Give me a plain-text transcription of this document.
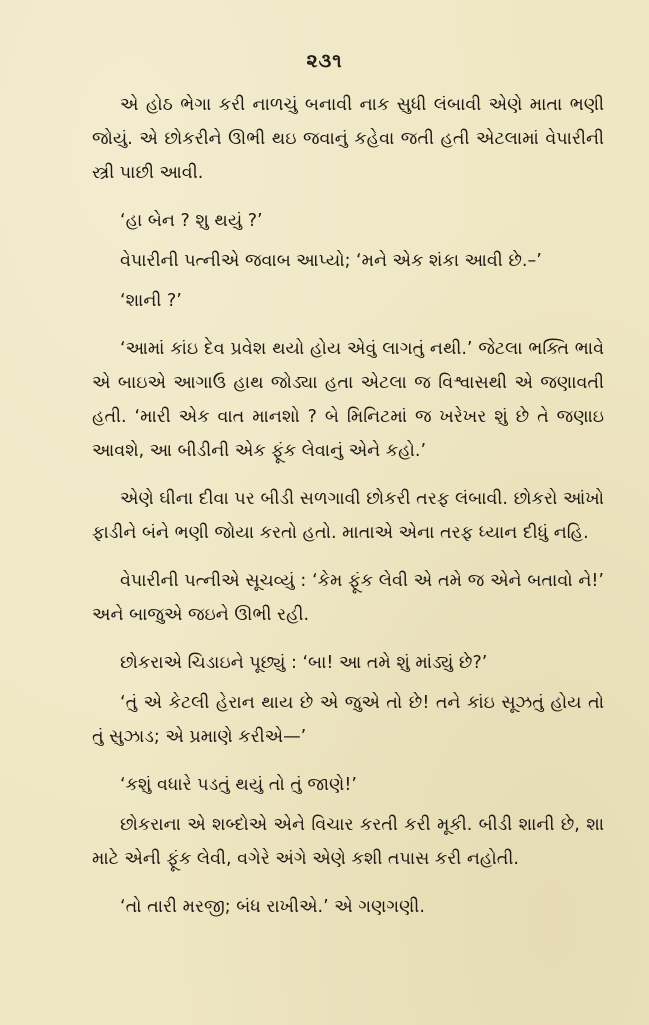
૨૩૧

એ હોઠ ભેગા કરી નાળચું બનાવી નાક સુધી લંબાવી એણે માતા ભણી જોયું. એ છોકરીને ઊભી થઇ જવાનું કહેવા જતી હતી એટલામાં વેપારીની સ્ત્રી પાછી આવી.

‘હા બેન ? શુ થયું ?’

વેપારીની પત્નીએ જવાબ આપ્યો; ‘મને એક શંકા આવી છે.–’

‘શાની ?’

‘આમાં કાંઇ દેવ પ્રવેશ થયો હોય એવું લાગતું નથી.’ જેટલા ભક્તિ ભાવે એ બાઇએ આગાઉ હાથ જોડ્યા હતા એટલા જ વિશ્વાસથી એ જણાવતી હતી. ‘મારી એક વાત માનશો ? બે મિનિટમાં જ ખરેખર શું છે તે જણાઇ આવશે, આ બીડીની એક ફૂંક લેવાનું એને કહો.’

એણે ઘીના દીવા પર બીડી સળગાવી છોકરી તરફ લંબાવી. છોકરો આંખો ફાડીને બંને ભણી જોયા કરતો હતો. માતાએ એના તરફ ધ્યાન દીધું નહિ.

વેપારીની પત્નીએ સૂચવ્યું : ‘કેમ ફૂંક લેવી એ તમે જ એને બતાવો ને!’ અને બાજુએ જઇને ઊભી રહી.

છોકરાએ ચિડાઇને પૂછ્યું : ‘બા! આ તમે શું માંડ્યું છે?’

‘તું એ કેટલી હેરાન થાય છે એ જુએ તો છે! તને કાંઇ સૂઝતું હોય તો તું સુઝાડ; એ પ્રમાણે કરીએ—’

‘કશું વધારે પડતું થયું તો તું જાણે!’

છોકરાના એ શબ્દોએ એને વિચાર કરતી કરી મૂકી. બીડી શાની છે, શા માટે એની ફૂંક લેવી, વગેરે અંગે એણે કશી તપાસ કરી નહોતી.

‘તો તારી મરજી; બંધ રાખીએ.’ એ ગણગણી.
